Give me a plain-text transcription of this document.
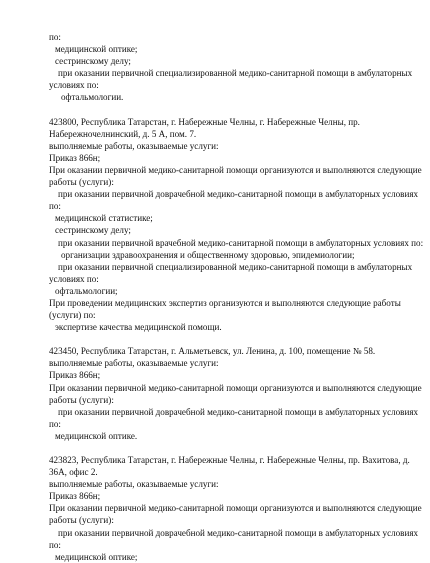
по:
медицинской оптике;
сестринскому делу;
при оказании первичной специализированной медико-санитарной помощи в амбулаторных
условиях по:
офтальмологии.
423800, Республика Татарстан, г. Набережные Челны, г. Набережные Челны, пр.
Набережночелнинский, д. 5 А, пом. 7.
выполняемые работы, оказываемые услуги:
Приказ 866н;
При оказании первичной медико-санитарной помощи организуются и выполняются следующие
работы (услуги):
при оказании первичной доврачебной медико-санитарной помощи в амбулаторных условиях
по:
медицинской статистике;
сестринскому делу;
при оказании первичной врачебной медико-санитарной помощи в амбулаторных условиях по:
организации здравоохранения и общественному здоровью, эпидемиологии;
при оказании первичной специализированной медико-санитарной помощи в амбулаторных
условиях по:
офтальмологии;
При проведении медицинских экспертиз организуются и выполняются следующие работы
(услуги) по:
экспертизе качества медицинской помощи.
423450, Республика Татарстан, г. Альметьевск, ул. Ленина, д. 100, помещение № 58.
выполняемые работы, оказываемые услуги:
Приказ 866н;
При оказании первичной медико-санитарной помощи организуются и выполняются следующие
работы (услуги):
при оказании первичной доврачебной медико-санитарной помощи в амбулаторных условиях
по:
медицинской оптике.
423823, Республика Татарстан, г. Набережные Челны, г. Набережные Челны, пр. Вахитова, д.
36А, офис 2.
выполняемые работы, оказываемые услуги:
Приказ 866н;
При оказании первичной медико-санитарной помощи организуются и выполняются следующие
работы (услуги):
при оказании первичной доврачебной медико-санитарной помощи в амбулаторных условиях
по:
медицинской оптике;
